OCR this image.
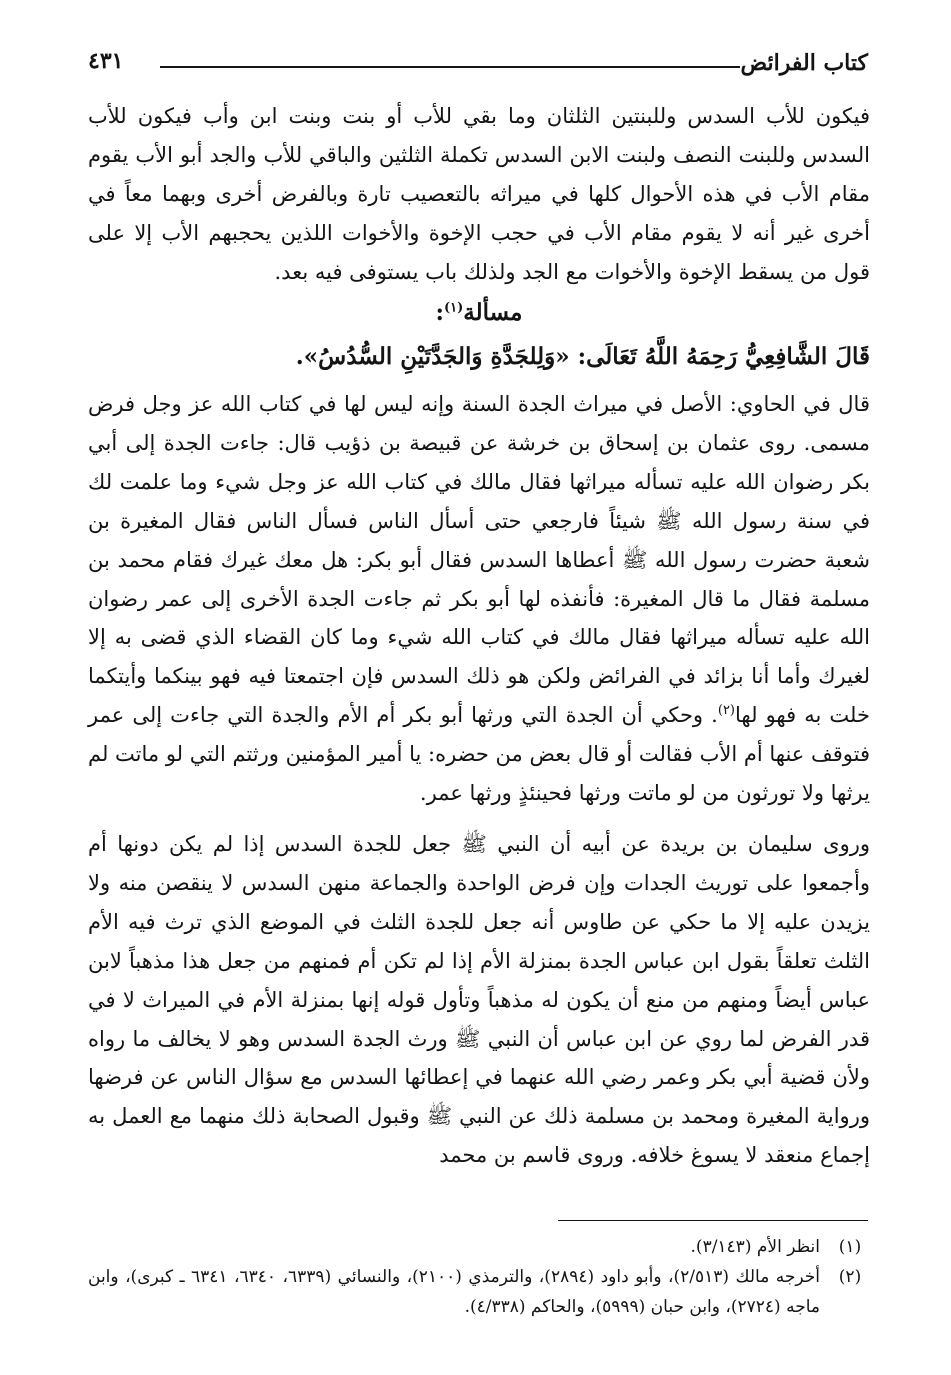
كتاب الفرائض
٤٣١
فيكون للأب السدس وللبنتين الثلثان وما بقي للأب أو بنت وبنت ابن وأب فيكون للأب السدس وللبنت النصف ولبنت الابن السدس تكملة الثلثين والباقي للأب والجد أبو الأب يقوم مقام الأب في هذه الأحوال كلها في ميراثه بالتعصيب تارة وبالفرض أخرى وبهما معاً في أخرى غير أنه لا يقوم مقام الأب في حجب الإخوة والأخوات اللذين يحجبهم الأب إلا على قول من يسقط الإخوة والأخوات مع الجد ولذلك باب يستوفى فيه بعد.
مسألة$^{(١)}$:
قَالَ الشَّافِعِيُّ رَحِمَهُ اللَّهُ تَعَالَى: «وَلِلجَدَّةِ وَالجَدَّتَيْنِ السُّدُسُ».
قال في الحاوي: الأصل في ميراث الجدة السنة وإنه ليس لها في كتاب الله عز وجل فرض مسمى. روى عثمان بن إسحاق بن خرشة عن قبيصة بن ذؤيب قال: جاءت الجدة إلى أبي بكر رضوان الله عليه تسأله ميراثها فقال مالك في كتاب الله عز وجل شيء وما علمت لك في سنة رسول الله ﷺ شيئاً فارجعي حتى أسأل الناس فسأل الناس فقال المغيرة بن شعبة حضرت رسول الله ﷺ أعطاها السدس فقال أبو بكر: هل معك غيرك فقام محمد بن مسلمة فقال ما قال المغيرة: فأنفذه لها أبو بكر ثم جاءت الجدة الأخرى إلى عمر رضوان الله عليه تسأله ميراثها فقال مالك في كتاب الله شيء وما كان القضاء الذي قضى به إلا لغيرك وأما أنا بزائد في الفرائض ولكن هو ذلك السدس فإن اجتمعتا فيه فهو بينكما وأيتكما خلت به فهو لها$^{(٢)}$. وحكي أن الجدة التي ورثها أبو بكر أم الأم والجدة التي جاءت إلى عمر فتوقف عنها أم الأب فقالت أو قال بعض من حضره: يا أمير المؤمنين ورثتم التي لو ماتت لم يرثها ولا تورثون من لو ماتت ورثها فحينئذٍ ورثها عمر.
وروى سليمان بن بريدة عن أبيه أن النبي ﷺ جعل للجدة السدس إذا لم يكن دونها أم وأجمعوا على توريث الجدات وإن فرض الواحدة والجماعة منهن السدس لا ينقصن منه ولا يزيدن عليه إلا ما حكي عن طاوس أنه جعل للجدة الثلث في الموضع الذي ترث فيه الأم الثلث تعلقاً بقول ابن عباس الجدة بمنزلة الأم إذا لم تكن أم فمنهم من جعل هذا مذهباً لابن عباس أيضاً ومنهم من منع أن يكون له مذهباً وتأول قوله إنها بمنزلة الأم في الميراث لا في قدر الفرض لما روي عن ابن عباس أن النبي ﷺ ورث الجدة السدس وهو لا يخالف ما رواه ولأن قضية أبي بكر وعمر رضي الله عنهما في إعطائها السدس مع سؤال الناس عن فرضها ورواية المغيرة ومحمد بن مسلمة ذلك عن النبي ﷺ وقبول الصحابة ذلك منهما مع العمل به إجماع منعقد لا يسوغ خلافه. وروى قاسم بن محمد
(١)
انظر الأم (٣/١٤٣).
(٢)
أخرجه مالك (٢/٥١٣)، وأبو داود (٢٨٩٤)، والترمذي (٢١٠٠)، والنسائي (٦٣٣٩، ٦٣٤٠، ٦٣٤١ ـ كبرى)، وابن ماجه (٢٧٢٤)، وابن حبان (٥٩٩٩)، والحاكم (٤/٣٣٨).
